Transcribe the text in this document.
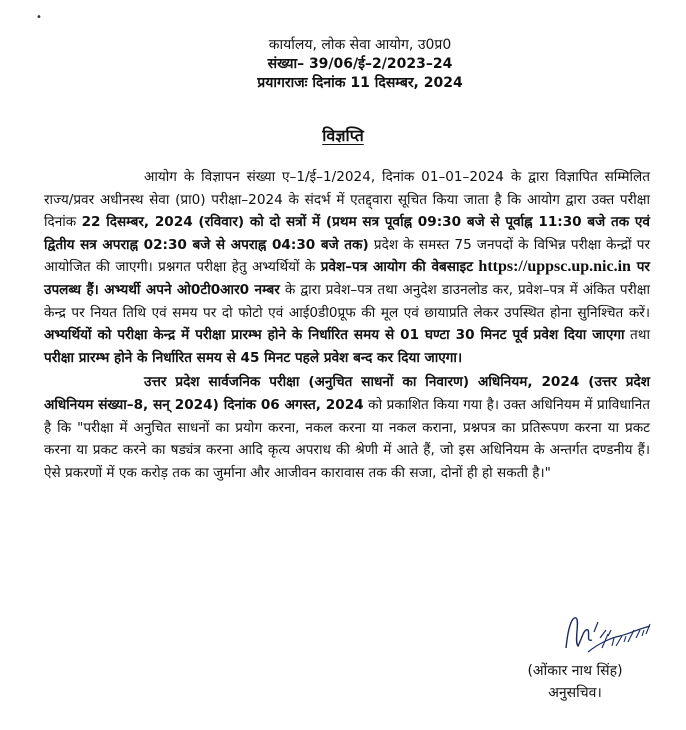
•
कार्यालय, लोक सेवा आयोग, उ0प्र0
संख्या– 39/06/ई–2/2023–24
प्रयागराजः दिनांक 11 दिसम्बर, 2024
विज्ञप्ति

आयोग के विज्ञापन संख्या ए–1/ई–1/2024, दिनांक 01–01–2024 के द्वारा विज्ञापित सम्मिलित राज्य/प्रवर अधीनस्थ सेवा (प्रा0) परीक्षा–2024 के संदर्भ में एतद्द्वारा सूचित किया जाता है कि आयोग द्वारा उक्त परीक्षा दिनांक 22 दिसम्बर, 2024 (रविवार) को दो सत्रों में (प्रथम सत्र पूर्वाह्न 09:30 बजे से पूर्वाह्न 11:30 बजे तक एवं द्वितीय सत्र अपराह्न 02:30 बजे से अपराह्न 04:30 बजे तक) प्रदेश के समस्त 75 जनपदों के विभिन्न परीक्षा केन्द्रों पर आयोजित की जाएगी। प्रश्नगत परीक्षा हेतु अभ्यर्थियों के प्रवेश–पत्र आयोग की वेबसाइट https://uppsc.up.nic.in पर उपलब्ध हैं। अभ्यर्थी अपने ओ0टी0आर0 नम्बर के द्वारा प्रवेश–पत्र तथा अनुदेश डाउनलोड कर, प्रवेश–पत्र में अंकित परीक्षा केन्द्र पर नियत तिथि एवं समय पर दो फोटो एवं आई0डी0प्रूफ की मूल एवं छायाप्रति लेकर उपस्थित होना सुनिश्चित करें। अभ्यर्थियों को परीक्षा केन्द्र में परीक्षा प्रारम्भ होने के निर्धारित समय से 01 घण्टा 30 मिनट पूर्व प्रवेश दिया जाएगा तथा परीक्षा प्रारम्भ होने के निर्धारित समय से 45 मिनट पहले प्रवेश बन्द कर दिया जाएगा।

उत्तर प्रदेश सार्वजनिक परीक्षा (अनुचित साधनों का निवारण) अधिनियम, 2024 (उत्तर प्रदेश अधिनियम संख्या–8, सन् 2024) दिनांक 06 अगस्त, 2024 को प्रकाशित किया गया है। उक्त अधिनियम में प्राविधानित है कि "परीक्षा में अनुचित साधनों का प्रयोग करना, नकल करना या नकल कराना, प्रश्नपत्र का प्रतिरूपण करना या प्रकट करना या प्रकट करने का षड्यंत्र करना आदि कृत्य अपराध की श्रेणी में आते हैं, जो इस अधिनियम के अन्तर्गत दण्डनीय हैं। ऐसे प्रकरणों में एक करोड़ तक का जुर्माना और आजीवन कारावास तक की सजा, दोनों ही हो सकती है।"

(ओंकार नाथ सिंह)
अनुसचिव।
